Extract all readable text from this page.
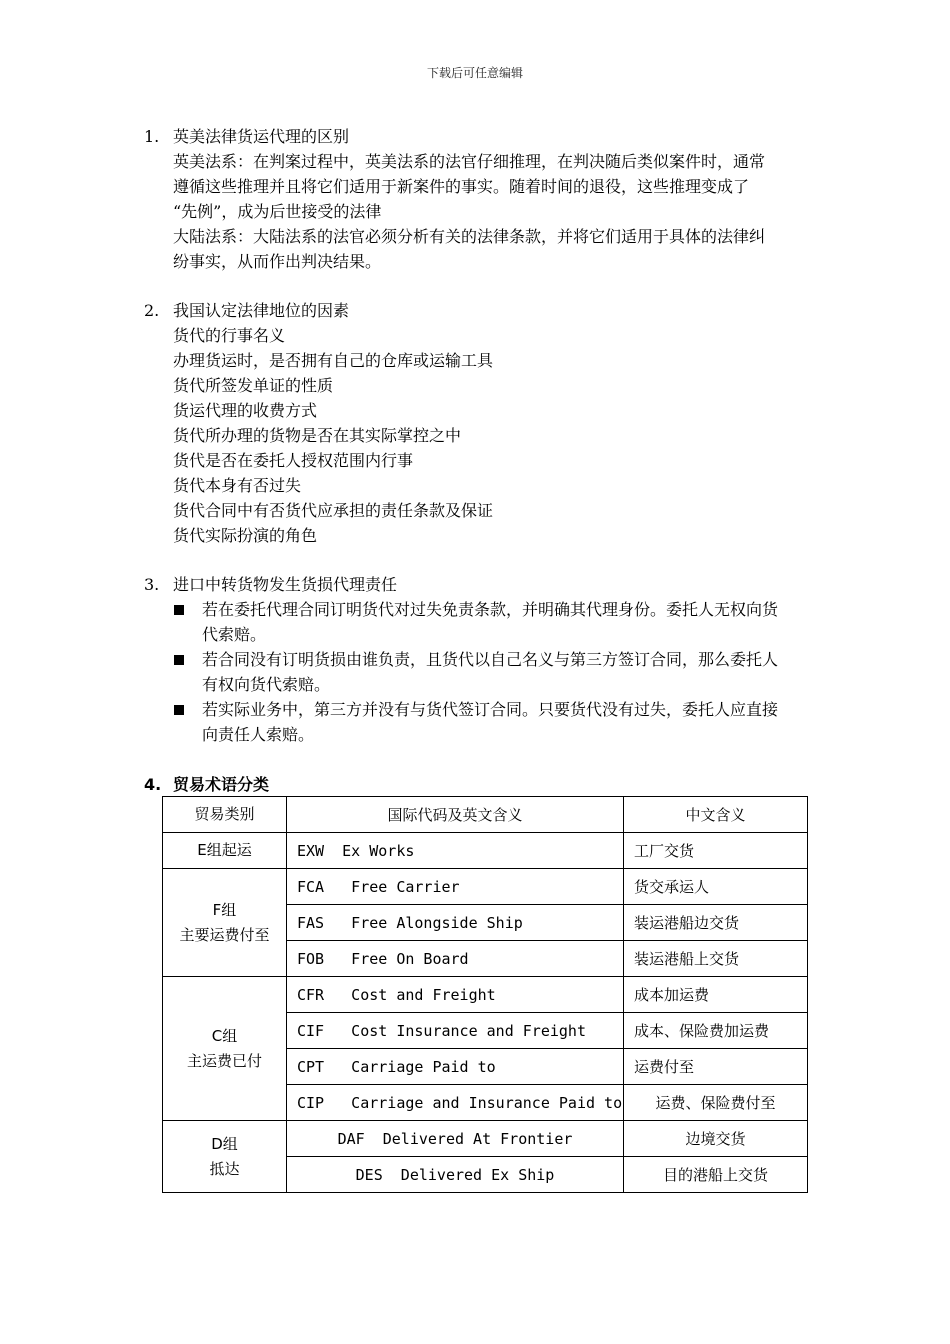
下载后可任意编辑
1. 英美法律货运代理的区别
英美法系：在判案过程中，英美法系的法官仔细推理，在判决随后类似案件时，通常
遵循这些推理并且将它们适用于新案件的事实。随着时间的退役，这些推理变成了
“先例”，成为后世接受的法律
大陆法系：大陆法系的法官必须分析有关的法律条款，并将它们适用于具体的法律纠
纷事实，从而作出判决结果。
2. 我国认定法律地位的因素
货代的行事名义
办理货运时，是否拥有自己的仓库或运输工具
货代所签发单证的性质
货运代理的收费方式
货代所办理的货物是否在其实际掌控之中
货代是否在委托人授权范围内行事
货代本身有否过失
货代合同中有否货代应承担的责任条款及保证
货代实际扮演的角色
3. 进口中转货物发生货损代理责任
若在委托代理合同订明货代对过失免责条款，并明确其代理身份。委托人无权向货
代索赔。
若合同没有订明货损由谁负责，且货代以自己名义与第三方签订合同，那么委托人
有权向货代索赔。
若实际业务中，第三方并没有与货代签订合同。只要货代没有过失，委托人应直接
向责任人索赔。
4. 贸易术语分类
贸易类别	国际代码及英文含义	中文含义

E组起运	EXW  Ex Works	工厂交货

F组
主要运费付至	FCA   Free Carrier	货交承运人
	FAS   Free Alongside Ship	装运港船边交货
	FOB   Free On Board	装运港船上交货

C组
主运费已付	CFR   Cost and Freight	成本加运费
	CIF   Cost Insurance and Freight	成本、保险费加运费
	CPT   Carriage Paid to	运费付至
	CIP   Carriage and Insurance Paid to	运费、保险费付至

D组
抵达	DAF  Delivered At Frontier	边境交货
	DES  Delivered Ex Ship	目的港船上交货
